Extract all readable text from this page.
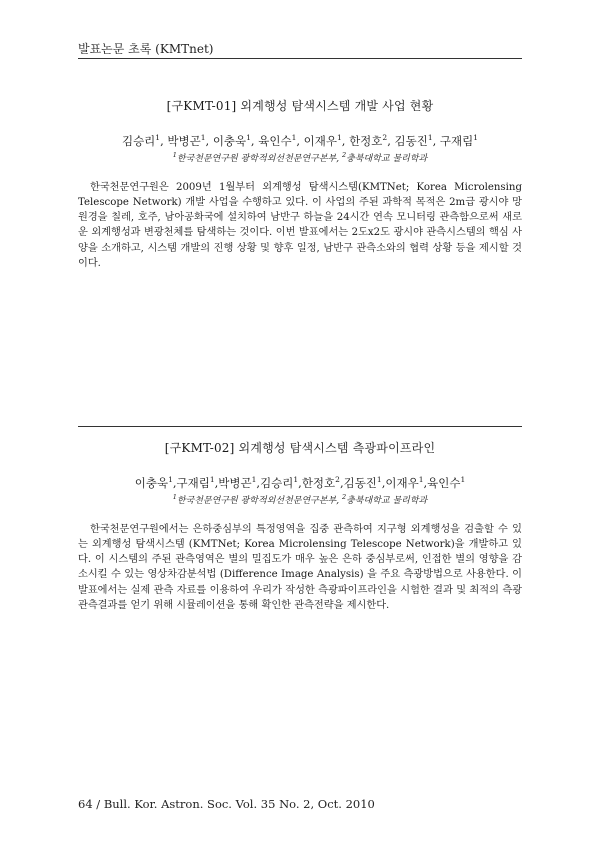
발표논문 초록 (KMTnet)

[구KMT-01] 외계행성 탐색시스템 개발 사업 현황

김승리$^1$, 박병곤$^1$, 이충욱$^1$, 육인수$^1$, 이재우$^1$, 한정호$^2$, 김동진$^1$, 구재림$^1$

$^1$한국천문연구원 광학적외선천문연구본부, $^2$충북대학교 물리학과

한국천문연구원은 2009년 1월부터 외계행성 탐색시스템(KMTNet; Korea Microlensing Telescope Network) 개발 사업을 수행하고 있다. 이 사업의 주된 과학적 목적은 2m급 광시야 망원경을 칠레, 호주, 남아공화국에 설치하여 남반구 하늘을 24시간 연속 모니터링 관측함으로써 새로운 외계행성과 변광천체를 탐색하는 것이다. 이번 발표에서는 2도x2도 광시야 관측시스템의 핵심 사양을 소개하고, 시스템 개발의 진행 상황 및 향후 일정, 남반구 관측소와의 협력 상황 등을 제시할 것이다.

[구KMT-02] 외계행성 탐색시스템 측광파이프라인

이충욱$^1$,구재림$^1$,박병곤$^1$,김승리$^1$,한정호$^2$,김동진$^1$,이재우$^1$,육인수$^1$

$^1$한국천문연구원 광학적외선천문연구본부, $^2$충북대학교 물리학과

한국천문연구원에서는 은하중심부의 특정영역을 집중 관측하여 지구형 외계행성을 검출할 수 있는 외계행성 탐색시스템 (KMTNet; Korea Microlensing Telescope Network)을 개발하고 있다. 이 시스템의 주된 관측영역은 별의 밀집도가 매우 높은 은하 중심부로써, 인접한 별의 영향을 감소시킬 수 있는 영상차감분석법 (Difference Image Analysis) 을 주요 측광방법으로 사용한다. 이 발표에서는 실제 관측 자료를 이용하여 우리가 작성한 측광파이프라인을 시험한 결과 및 최적의 측광관측결과를 얻기 위해 시뮬레이션을 통해 확인한 관측전략을 제시한다.

64 / Bull. Kor. Astron. Soc. Vol. 35 No. 2, Oct. 2010
